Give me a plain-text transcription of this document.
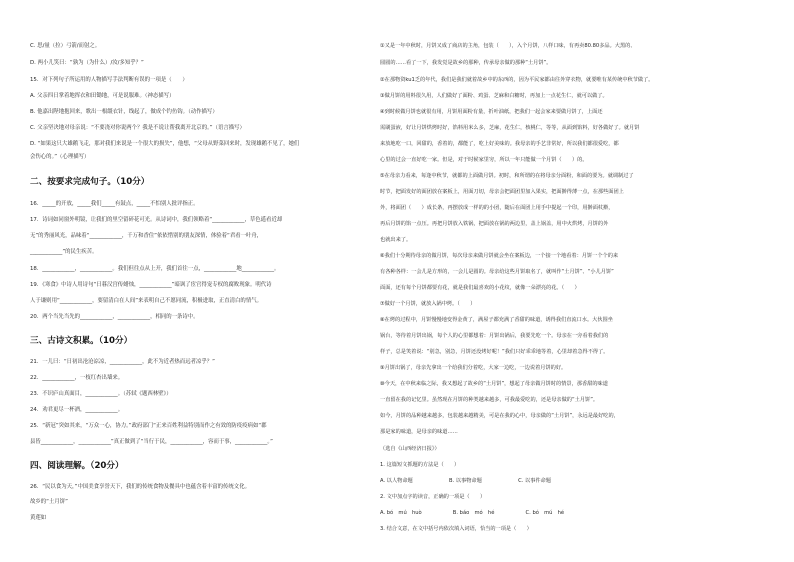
C. 思/量（拉）弓箭/而射之。
D. 两小儿笑曰：“孰为（为什么）/汝/多知乎？”
15．对下列句子所运用的人物描写手法判断有误的一项是（　　）
A. 父亲四日掌着地挥衣和田锄地，可是说服难。（神态描写）
B. 他嘉出陛地抱回来，歌出一根缰衣针，线起了，做成个钓鱼钩。（动作描写）
C. 父亲坚决地对母亲说：“不要浇对你说两个？我是不说让帮我离开北京的。”（语言描写）
D. “如果这只大雄鹅飞走，那对我们来说是一个很大的损失”，他想，“父母从野菜回来时，发现雄鹅不见了，她们
会伤心的。”（心理描写）
二、按要求完成句子。（10分）
16．_____的开放，_____我们_____有鼓点，_____不怕别人批评指正。
17．诗词如同窗外明镜，让我们的里空留碎花可光。从诗词中，我们领略着“____________，草色遥看近却
无”的秀丽风光，品味着“____________，千万和香住”依依惜别的朋友深情，体验着“君看一叶舟，
____________”的民生疾苦。
18．____________，____________。我们但往点从上开，我们首往一点，____________地____________。
19．《寒食》中诗人用诗句“日暮汉宫传蜡烛，____________”暗讽了宦官得宠专权的腐败现象。明代诗
人于谦则用“____________，要留清白在人间”来表明自己不愿同流，积极进取，正直清白的情气。
20．两个当先当先的____________，____________，相同的一条诗中。
三、古诗文积累。（10分）
21．一儿曰：“日初出沧沧凉凉，____________，此不为近者热而远者凉乎？”
22．____________，一枝红杏出墙来。
23．不识庐山真面目，____________。（苏轼《题西林壁》）
24．劝君更尽一杯酒，____________。
25．“新冠”突如其来，“万众一心，协力。”政府部门“正来百姓利益特别而作之有效的防疫疫病如“郡
县皆____________，____________”真正做到了“当行于民，____________，容而于事，____________。”
四、阅读理解。（20分）
26．“民以食为天，”中国美食享誉天下，我们的传统食物及餐具中也蕴含着丰富的传统文化。
故乡的“土月饼”
黄莲如
①又是一年中秋时，月饼又成了商店的主角，包装（　　），入个月饼，八样口味，有再卖80.80多品。大黑的、
圆圆的……看了一下，我发觉是故乡的那种，传承母亲做的那种“土月饼”。
②在那物资ku1乏的年代，我们是我们就着故乡中的东西的，因为平民家都由往外穿衣物，就要唯有某传统中秋节做了。
③做月饼的用料很久用，人们做好了面粉、鸡蛋、芝麻和白糖时，再加上一点花生仁，就可以做了。
④到时候做月饼也就很有用，月饼用面粉有量，折叶油纸，把我们一起会家来要做月饼了，上面还
需刷蛋液，好让月饼烘烤时好，馅料用米么多，芝麻，花生仁，核桃仁，等等，从面到馅料，好各做好了。就月饼
来放地吃一口，回甜的，香着的，都能了，吃上好美味的。我母亲的手艺非常好，所以我们都很爱吃，都
心里的过会一直好吃一家。但是，对于时候家里穷，所以一年只能做一个月饼（　　）的。
⑤在母亲力看来，每逢中秋节，就都的上面做月饼。初时，和所谓的在将母亲分面粉，和面的要为。就调制过了
时节，把面发好的面团放在案板上，用面刀切，母亲会把面团里加入果实，把面擀得薄一点，在那些面团上
外，将面团（　　）成长条，再摆放成一样的的小团，随后在面团上用手中提起一个印，用擀面杖擀，
再后月饼的馅一点压。再把月饼放入铁锅，把面放在锅的两边里，盖上锅盖，用中火烘烤，月饼的外
也就出来了。
⑥我们十分期待母亲的做月饼，每次母亲来做月饼就会坐在案板边，一个接一个地看着：月饼一个个的来
有各种各样：一会儿是方形的，一会儿是圆的。母亲给这些月饼取名了，就叫作“土月饼”、“小儿月饼”
面面，还有每个月饼都要有花，就是我们最喜欢的小花纹，就像一朵漂亮的花。（　　）
⑦做好一个月饼，就放入锅中烤。（　　）
⑧在烤的过程中，月饼慢慢地变得金黄了，满屋子都充满了香甜的味道，诱得我们直流口水。大伙围坐
锅台，等待着月饼出锅，每个人的心里都想着：月饼出锅后，我要先吃一个。母亲在一旁看着我们的
样子，总是笑着说：“别急，别急，月饼还没烤好呢！”我们只好乖乖地等着，心里却着急得不得了。
⑨月饼出锅了，母亲先拿出一个给我们分着吃，大家一边吃，一边说着月饼的好。
⑩今天，在中秋来临之际，我又想起了故乡的“土月饼”，想起了母亲做月饼时的情景，那香甜的味道
一直留在我的记忆里。虽然现在月饼的种类越来越多，可我最爱吃的，还是母亲做的“土月饼”。
如今，月饼的品种越来越多，包装越来越精美，可是在我的心中，母亲做的“土月饼”，永远是最好吃的，
那是家的味道，是母亲的味道……
（选自《山西经济日报》）
1. 这篇短文抓题的方法是（　　）
A. 以人物命题　　　　　　　B. 以事物命题　　　　　　　C. 以事件命题
2. 文中加点字的读音，正确的一项是（　　）
A. bó　mú　huò　　　　　　B. báo　mó　hé　　　　　　C. bó　mú　hé
3. 结合文意，在文中括号内依次填入词语，恰当的一项是（　　）
